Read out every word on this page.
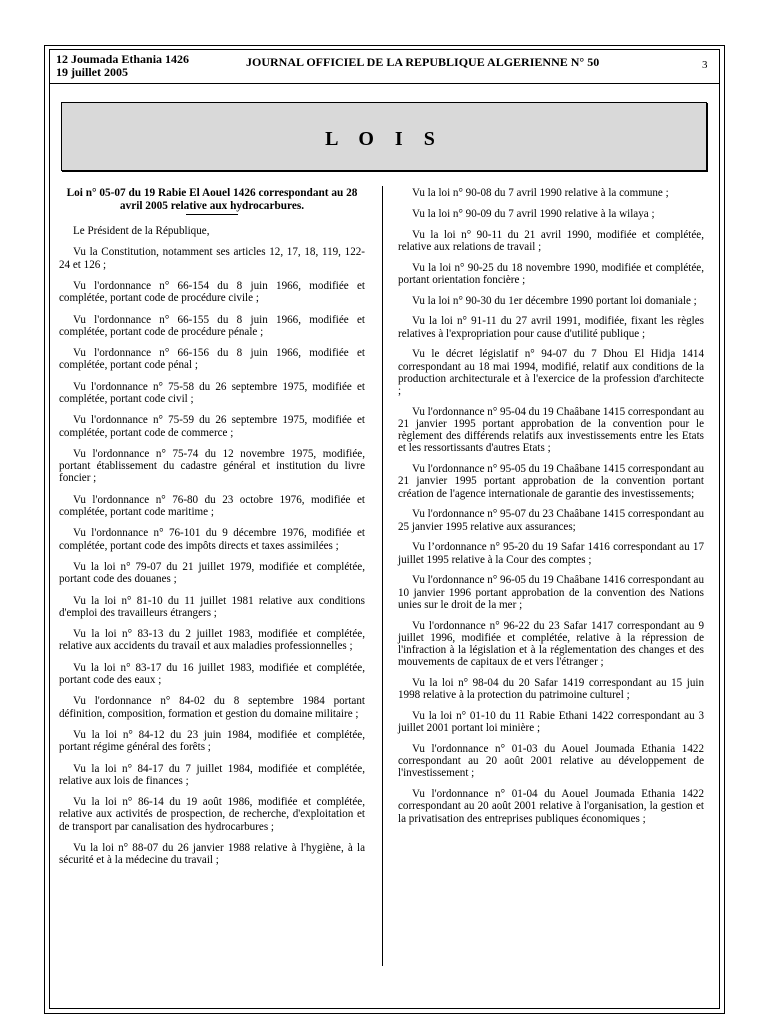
12 Joumada Ethania 1426
19 juillet 2005
JOURNAL OFFICIEL DE LA REPUBLIQUE ALGERIENNE N° 50	3
L O I S
Loi n° 05-07 du 19 Rabie El Aouel 1426 correspondant au 28 avril 2005 relative aux hydrocarbures.

Le Président de la République,

Vu la Constitution, notamment ses articles 12, 17, 18, 119, 122-24 et 126 ;

Vu l'ordonnance n° 66-154 du 8 juin 1966, modifiée et complétée, portant code de procédure civile ;

Vu l'ordonnance n° 66-155 du 8 juin 1966, modifiée et complétée, portant code de procédure pénale ;

Vu l'ordonnance n° 66-156 du 8 juin 1966, modifiée et complétée, portant code pénal ;

Vu l'ordonnance n° 75-58 du 26 septembre 1975, modifiée et complétée, portant code civil ;

Vu l'ordonnance n° 75-59 du 26 septembre 1975, modifiée et complétée, portant code de commerce ;

Vu l'ordonnance n° 75-74 du 12 novembre 1975, modifiée, portant établissement du cadastre général et institution du livre foncier ;

Vu l'ordonnance n° 76-80 du 23 octobre 1976, modifiée et complétée, portant code maritime ;

Vu l'ordonnance n° 76-101 du 9 décembre 1976, modifiée et complétée, portant code des impôts directs et taxes assimilées ;

Vu la loi n° 79-07 du 21 juillet 1979, modifiée et complétée, portant code des douanes ;

Vu la loi n° 81-10 du 11 juillet 1981 relative aux conditions d'emploi des travailleurs étrangers ;

Vu la loi n° 83-13 du 2 juillet 1983, modifiée et complétée, relative aux accidents du travail et aux maladies professionnelles ;

Vu la loi n° 83-17 du 16 juillet 1983, modifiée et complétée, portant code des eaux ;

Vu l'ordonnance n° 84-02 du 8 septembre 1984 portant définition, composition, formation et gestion du domaine militaire ;

Vu la loi n° 84-12 du 23 juin 1984, modifiée et complétée, portant régime général des forêts ;

Vu la loi n° 84-17 du 7 juillet 1984, modifiée et complétée, relative aux lois de finances ;

Vu la loi n° 86-14 du 19 août 1986, modifiée et complétée, relative aux activités de prospection, de recherche, d'exploitation et de transport par canalisation des hydrocarbures ;

Vu la loi n° 88-07 du 26 janvier 1988 relative à l'hygiène, à la sécurité et à la médecine du travail ;

Vu la loi n° 90-08 du 7 avril 1990 relative à la commune ;

Vu la loi n° 90-09 du 7 avril 1990 relative à la wilaya ;

Vu la loi n° 90-11 du 21 avril 1990, modifiée et complétée, relative aux relations de travail ;

Vu la loi n° 90-25 du 18 novembre 1990, modifiée et complétée, portant orientation foncière ;

Vu la loi n° 90-30 du 1er décembre 1990 portant loi domaniale ;

Vu la loi n° 91-11 du 27 avril 1991, modifiée, fixant les règles relatives à l'expropriation pour cause d'utilité publique ;

Vu le décret législatif n° 94-07 du 7 Dhou El Hidja 1414 correspondant au 18 mai 1994, modifié, relatif aux conditions de la production architecturale et à l'exercice de la profession d'architecte ;

Vu l'ordonnance n° 95-04 du 19 Chaâbane 1415 correspondant au 21 janvier 1995 portant approbation de la convention pour le règlement des différends relatifs aux investissements entre les Etats et les ressortissants d'autres Etats ;

Vu l'ordonnance n° 95-05 du 19 Chaâbane 1415 correspondant au 21 janvier 1995 portant approbation de la convention portant création de l'agence internationale de garantie des investissements;

Vu l'ordonnance n° 95-07 du 23 Chaâbane 1415 correspondant au 25 janvier 1995 relative aux assurances;

Vu l’ordonnance n° 95-20 du 19 Safar 1416 correspondant au 17 juillet 1995 relative à la Cour des comptes ;

Vu l'ordonnance n° 96-05 du 19 Chaâbane 1416 correspondant au 10 janvier 1996 portant approbation de la convention des Nations unies sur le droit de la mer ;

Vu l'ordonnance n° 96-22 du 23 Safar 1417 correspondant au 9 juillet 1996, modifiée et complétée, relative à la répression de l'infraction à la législation et à la réglementation des changes et des mouvements de capitaux de et vers l'étranger ;

Vu la loi n° 98-04 du 20 Safar 1419 correspondant au 15 juin 1998 relative à la protection du patrimoine culturel ;

Vu la loi n° 01-10 du 11 Rabie Ethani 1422 correspondant au 3 juillet 2001 portant loi minière ;

Vu l'ordonnance n° 01-03 du Aouel Joumada Ethania 1422 correspondant au 20 août 2001 relative au développement de l'investissement ;

Vu l'ordonnance n° 01-04 du Aouel Joumada Ethania 1422 correspondant au 20 août 2001 relative à l'organisation, la gestion et la privatisation des entreprises publiques économiques ;
